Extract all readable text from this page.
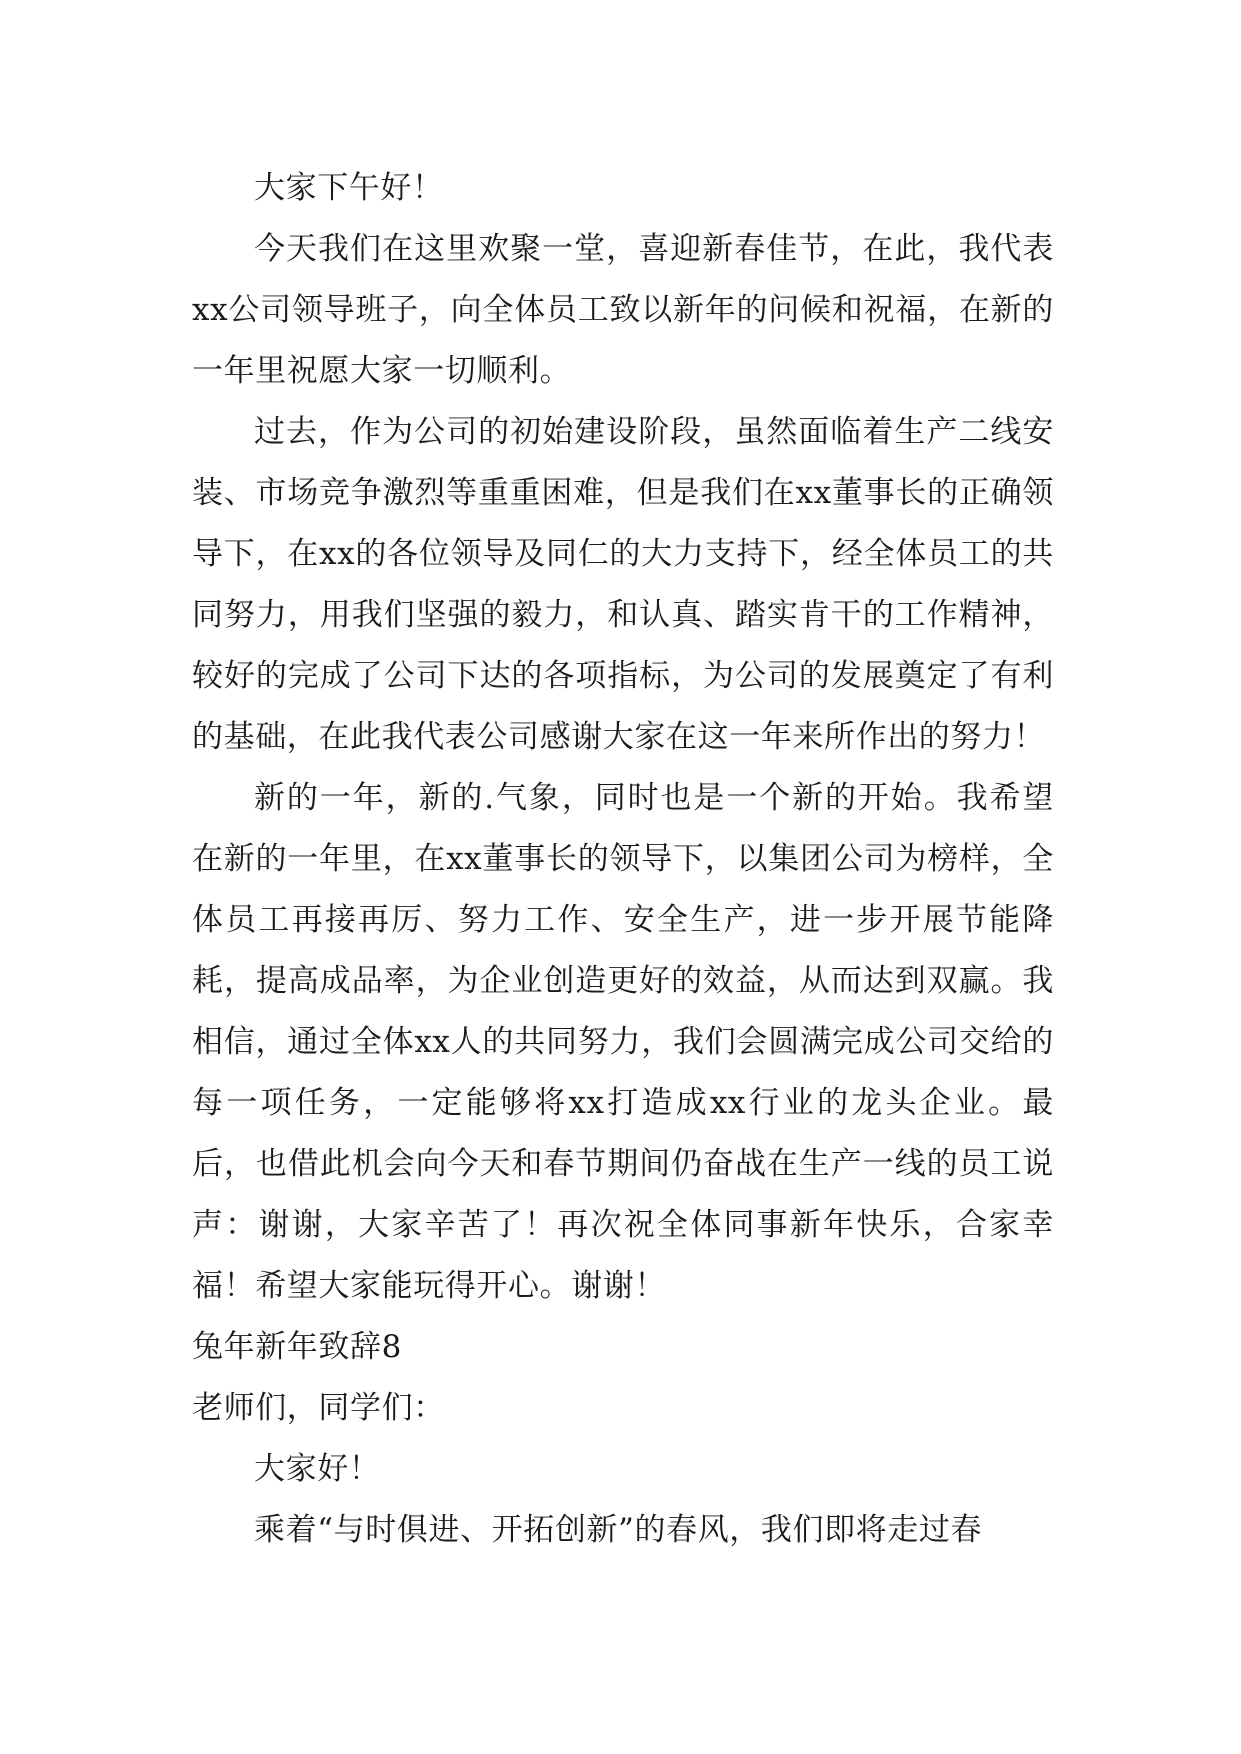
大家下午好！

今天我们在这里欢聚一堂，喜迎新春佳节，在此，我代表xx公司领导班子，向全体员工致以新年的问候和祝福，在新的一年里祝愿大家一切顺利。

过去，作为公司的初始建设阶段，虽然面临着生产二线安装、市场竞争激烈等重重困难，但是我们在xx董事长的正确领导下，在xx的各位领导及同仁的大力支持下，经全体员工的共同努力，用我们坚强的毅力，和认真、踏实肯干的工作精神，较好的完成了公司下达的各项指标，为公司的发展奠定了有利的基础，在此我代表公司感谢大家在这一年来所作出的努力！

新的一年，新的.气象，同时也是一个新的开始。我希望在新的一年里，在xx董事长的领导下，以集团公司为榜样，全体员工再接再厉、努力工作、安全生产，进一步开展节能降耗，提高成品率，为企业创造更好的效益，从而达到双赢。我相信，通过全体xx人的共同努力，我们会圆满完成公司交给的每一项任务，一定能够将xx打造成xx行业的龙头企业。最后，也借此机会向今天和春节期间仍奋战在生产一线的员工说声：谢谢，大家辛苦了！再次祝全体同事新年快乐，合家幸福！希望大家能玩得开心。谢谢！

兔年新年致辞8

老师们，同学们：

大家好！

乘着“与时俱进、开拓创新”的春风，我们即将走过春
